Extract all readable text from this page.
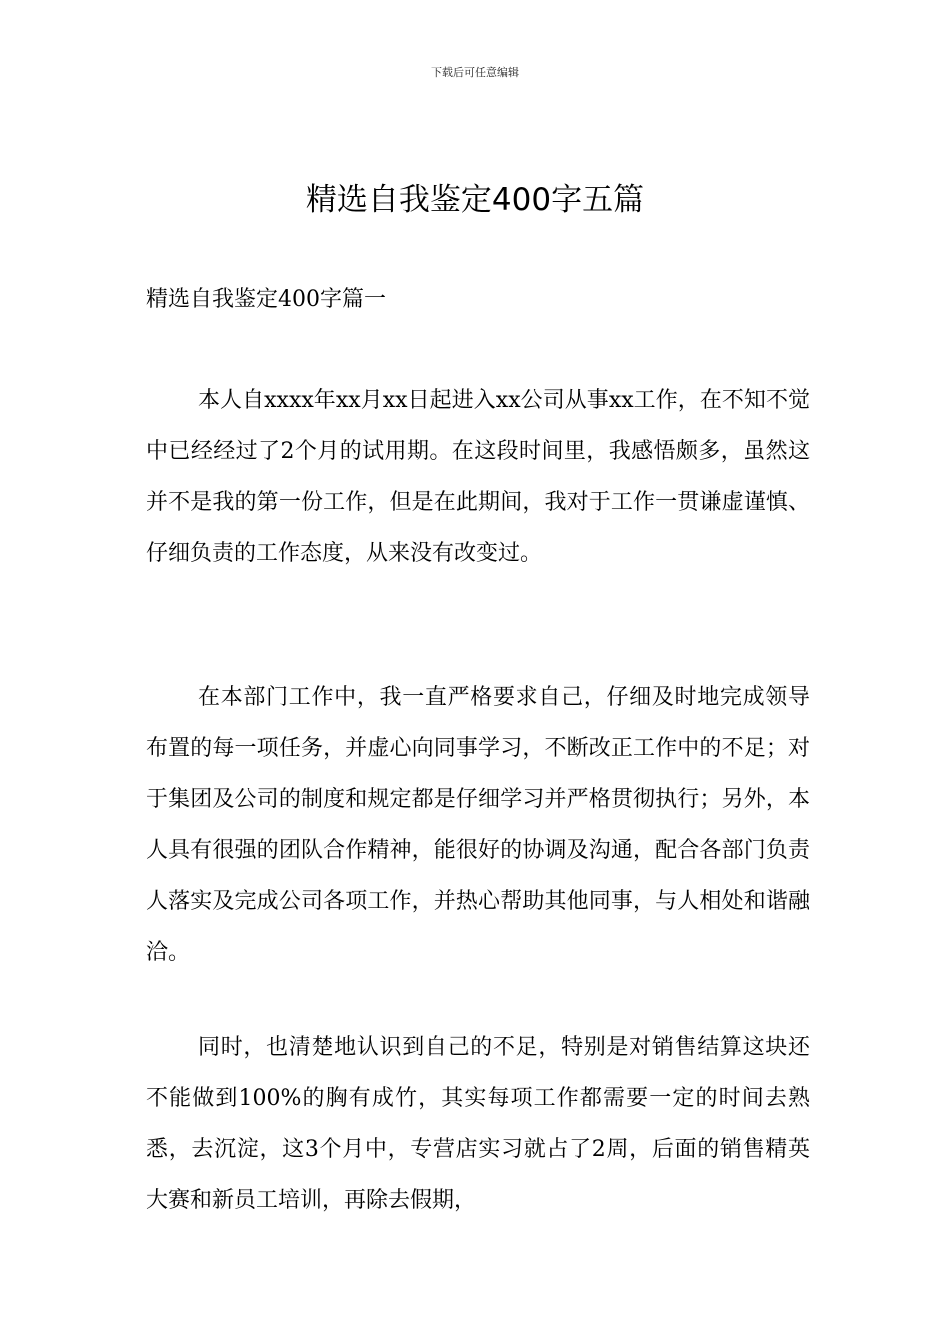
下载后可任意编辑
精选自我鉴定400字五篇
精选自我鉴定400字篇一

本人自xxxx年xx月xx日起进入xx公司从事xx工作，在不知不觉中已经经过了2个月的试用期。在这段时间里，我感悟颇多，虽然这并不是我的第一份工作，但是在此期间，我对于工作一贯谦虚谨慎、仔细负责的工作态度，从来没有改变过。

在本部门工作中，我一直严格要求自己，仔细及时地完成领导布置的每一项任务，并虚心向同事学习，不断改正工作中的不足；对于集团及公司的制度和规定都是仔细学习并严格贯彻执行；另外，本人具有很强的团队合作精神，能很好的协调及沟通，配合各部门负责人落实及完成公司各项工作，并热心帮助其他同事，与人相处和谐融洽。

同时，也清楚地认识到自己的不足，特别是对销售结算这块还不能做到100%的胸有成竹，其实每项工作都需要一定的时间去熟悉，去沉淀，这3个月中，专营店实习就占了2周，后面的销售精英大赛和新员工培训，再除去假期，
